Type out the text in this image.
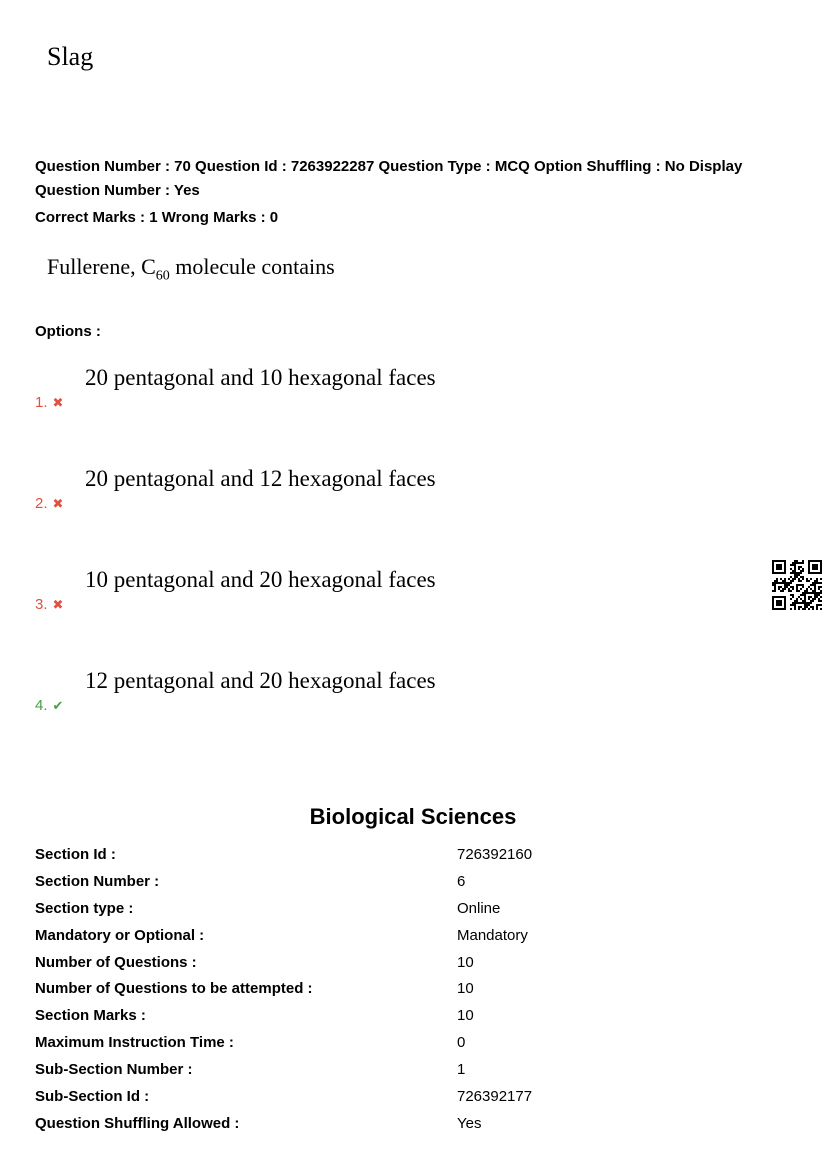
Slag

Question Number : 70 Question Id : 7263922287 Question Type : MCQ Option Shuffling : No Display Question Number : Yes

Correct Marks : 1 Wrong Marks : 0

Fullerene, $C_{60}$ molecule contains
Options :
20 pentagonal and 10 hexagonal faces
1. ✖
20 pentagonal and 12 hexagonal faces
2. ✖
10 pentagonal and 20 hexagonal faces
3. ✖
12 pentagonal and 20 hexagonal faces
4. ✔
Biological Sciences
Section Id :	726392160
Section Number :	6
Section type :	Online
Mandatory or Optional :	Mandatory
Number of Questions :	10
Number of Questions to be attempted :	10
Section Marks :	10
Maximum Instruction Time :	0
Sub-Section Number :	1
Sub-Section Id :	726392177
Question Shuffling Allowed :	Yes
